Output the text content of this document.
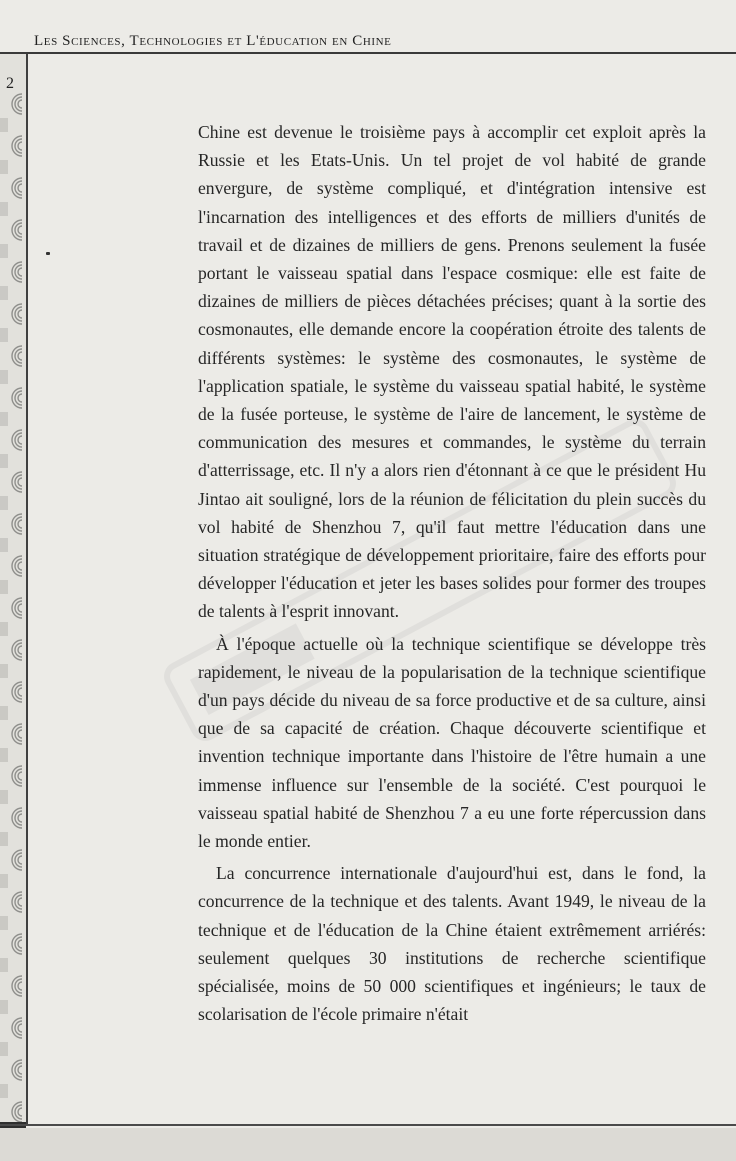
Les Sciences, Technologies et L'éducation en Chine
2

Chine est devenue le troisième pays à accomplir cet exploit après la Russie et les Etats-Unis. Un tel projet de vol habité de grande envergure, de système compliqué, et d'intégration intensive est l'incarnation des intelligences et des efforts de milliers d'unités de travail et de dizaines de milliers de gens. Prenons seulement la fusée portant le vaisseau spatial dans l'espace cosmique: elle est faite de dizaines de milliers de pièces détachées précises; quant à la sortie des cosmonautes, elle demande encore la coopération étroite des talents de différents systèmes: le système des cosmonautes, le système de l'application spatiale, le système du vaisseau spatial habité, le système de la fusée porteuse, le système de l'aire de lancement, le système de communication des mesures et commandes, le système du terrain d'atterrissage, etc. Il n'y a alors rien d'étonnant à ce que le président Hu Jintao ait souligné, lors de la réunion de félicitation du plein succès du vol habité de Shenzhou 7, qu'il faut mettre l'éducation dans une situation stratégique de développement prioritaire, faire des efforts pour développer l'éducation et jeter les bases solides pour former des troupes de talents à l'esprit innovant.

À l'époque actuelle où la technique scientifique se développe très rapidement, le niveau de la popularisation de la technique scientifique d'un pays décide du niveau de sa force productive et de sa culture, ainsi que de sa capacité de création. Chaque découverte scientifique et invention technique importante dans l'histoire de l'être humain a une immense influence sur l'ensemble de la société. C'est pourquoi le vaisseau spatial habité de Shenzhou 7 a eu une forte répercussion dans le monde entier.

La concurrence internationale d'aujourd'hui est, dans le fond, la concurrence de la technique et des talents. Avant 1949, le niveau de la technique et de l'éducation de la Chine étaient extrêmement arriérés: seulement quelques 30 institutions de recherche scientifique spécialisée, moins de 50 000 scientifiques et ingénieurs; le taux de scolarisation de l'école primaire n'était
